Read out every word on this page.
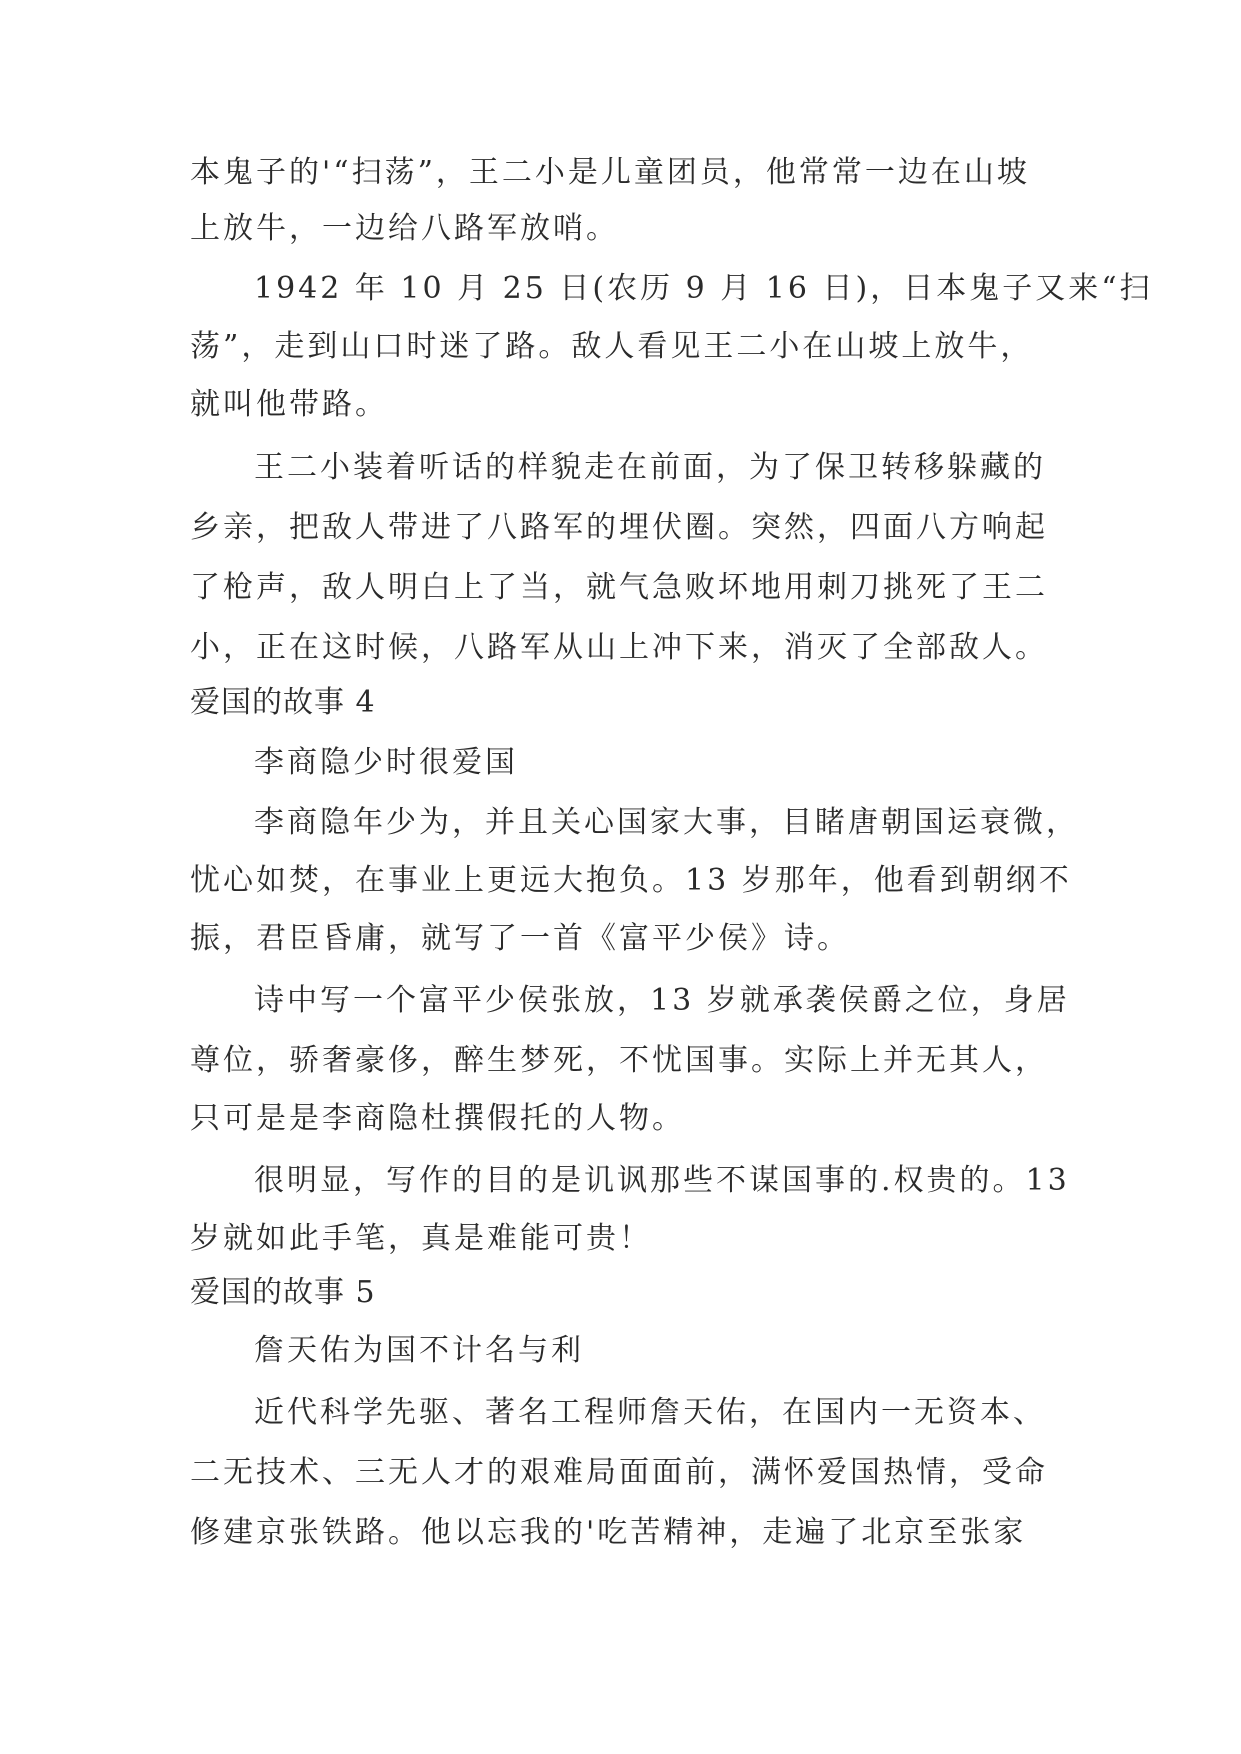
本鬼子的'“扫荡”，王二小是儿童团员，他常常一边在山坡
上放牛，一边给八路军放哨。
1942 年 10 月 25 日(农历 9 月 16 日)，日本鬼子又来“扫
荡”，走到山口时迷了路。敌人看见王二小在山坡上放牛，
就叫他带路。
王二小装着听话的样貌走在前面，为了保卫转移躲藏的
乡亲，把敌人带进了八路军的埋伏圈。突然，四面八方响起
了枪声，敌人明白上了当，就气急败坏地用刺刀挑死了王二
小，正在这时候，八路军从山上冲下来，消灭了全部敌人。
爱国的故事 4
李商隐少时很爱国
李商隐年少为，并且关心国家大事，目睹唐朝国运衰微，
忧心如焚，在事业上更远大抱负。13 岁那年，他看到朝纲不
振，君臣昏庸，就写了一首《富平少侯》诗。
诗中写一个富平少侯张放，13 岁就承袭侯爵之位，身居
尊位，骄奢豪侈，醉生梦死，不忧国事。实际上并无其人，
只可是是李商隐杜撰假托的人物。
很明显，写作的目的是讥讽那些不谋国事的.权贵的。13
岁就如此手笔，真是难能可贵！
爱国的故事 5
詹天佑为国不计名与利
近代科学先驱、著名工程师詹天佑，在国内一无资本、
二无技术、三无人才的艰难局面面前，满怀爱国热情，受命
修建京张铁路。他以忘我的'吃苦精神，走遍了北京至张家
